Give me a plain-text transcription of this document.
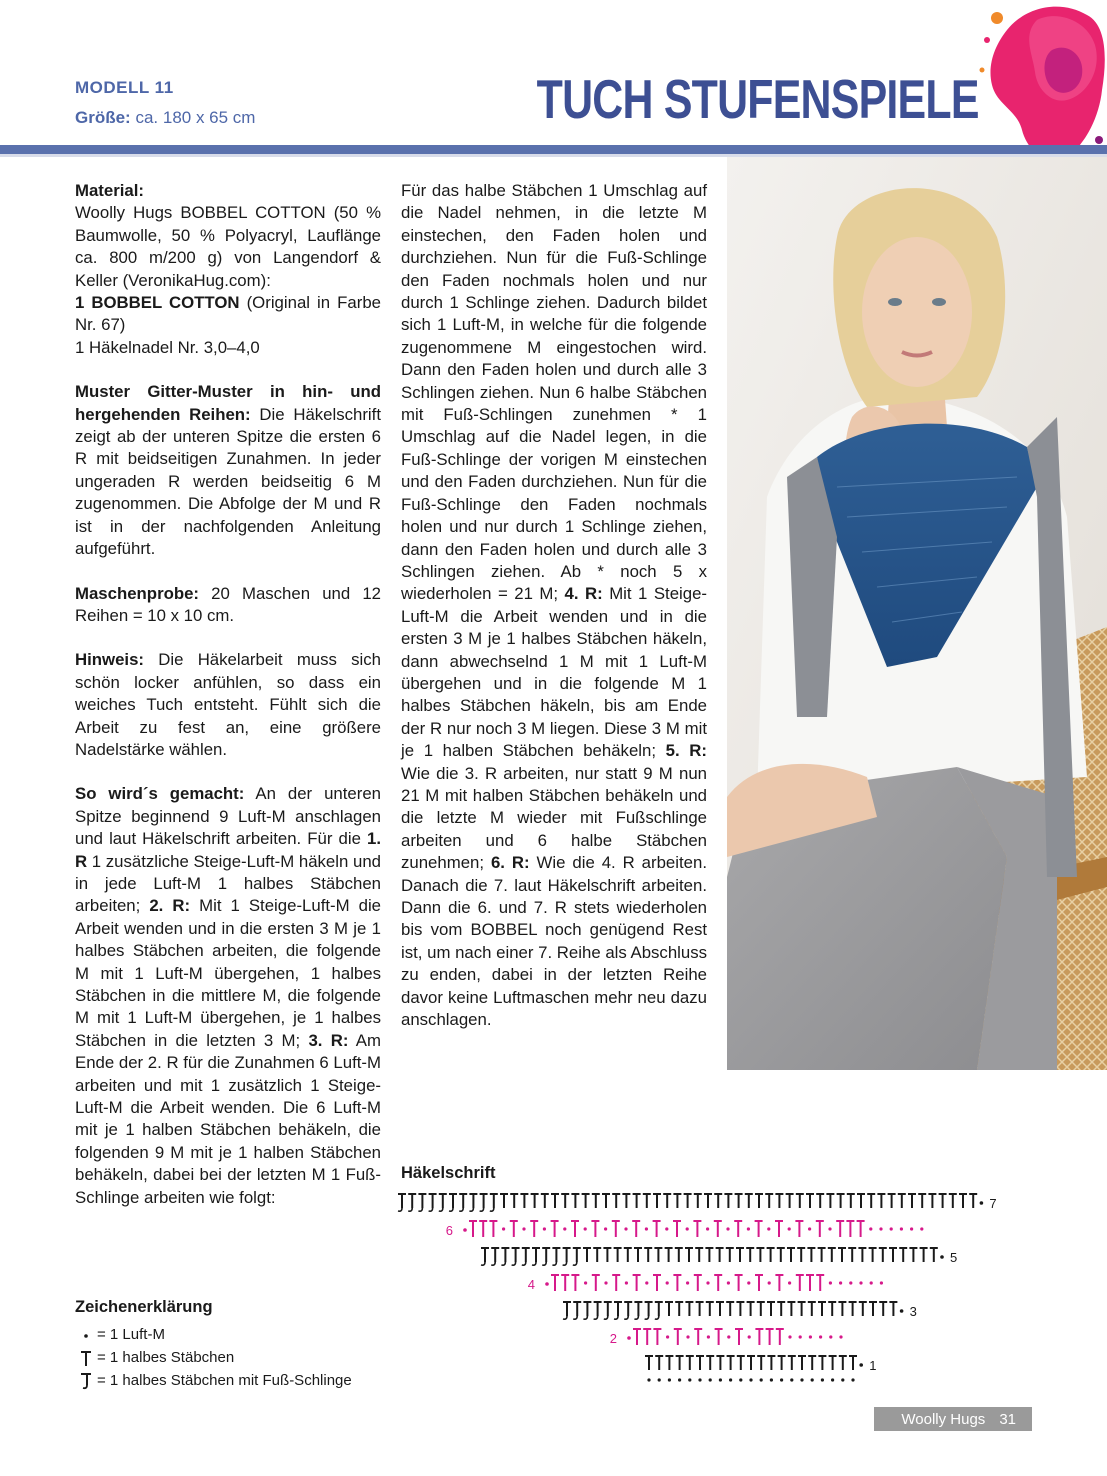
MODELL 11
Größe: ca. 180 x 65 cm	TUCH STUFENSPIELE

Material:
Woolly Hugs BOBBEL COTTON (50 % Baumwolle, 50 % Polyacryl, Lauflänge ca. 800 m/200 g) von Langendorf & Keller (VeronikaHug.com):
1 BOBBEL COTTON (Original in Farbe Nr. 67)
1 Häkelnadel Nr. 3,0–4,0

Muster Gitter-Muster in hin- und hergehenden Reihen: Die Häkelschrift zeigt ab der unteren Spitze die ersten 6 R mit beidseitigen Zunahmen. In jeder ungeraden R werden beidseitig 6 M zugenommen. Die Abfolge der M und R ist in der nachfolgenden Anleitung aufgeführt.

Maschenprobe: 20 Maschen und 12 Reihen = 10 x 10 cm.

Hinweis: Die Häkelarbeit muss sich schön locker anfühlen, so dass ein weiches Tuch entsteht. Fühlt sich die Arbeit zu fest an, eine größere Nadelstärke wählen.

So wird´s gemacht: An der unteren Spitze beginnend 9 Luft-M anschlagen und laut Häkelschrift arbeiten. Für die 1. R 1 zusätzliche Steige-Luft-M häkeln und in jede Luft-M 1 halbes Stäbchen arbeiten; 2. R: Mit 1 Steige-Luft-M die Arbeit wenden und in die ersten 3 M je 1 halbes Stäbchen arbeiten, die folgende M mit 1 Luft-M übergehen, 1 halbes Stäbchen in die mittlere M, die folgende M mit 1 Luft-M übergehen, je 1 halbes Stäbchen in die letzten 3 M; 3. R: Am Ende der 2. R für die Zunahmen 6 Luft-M arbeiten und mit 1 zusätzlich 1 Steige-Luft-M die Arbeit wenden. Die 6 Luft-M mit je 1 halben Stäbchen behäkeln, die folgenden 9 M mit je 1 halben Stäbchen behäkeln, dabei bei der letzten M 1 Fuß-Schlinge arbeiten wie folgt:

Für das halbe Stäbchen 1 Umschlag auf die Nadel nehmen, in die letzte M einstechen, den Faden holen und durchziehen. Nun für die Fuß-Schlinge den Faden nochmals holen und nur durch 1 Schlinge ziehen. Dadurch bildet sich 1 Luft-M, in welche für die folgende zugenommene M eingestochen wird. Dann den Faden holen und durch alle 3 Schlingen ziehen. Nun 6 halbe Stäbchen mit Fuß-Schlingen zunehmen * 1 Umschlag auf die Nadel legen, in die Fuß-Schlinge der vorigen M einstechen und den Faden durchziehen. Nun für die Fuß-Schlinge den Faden nochmals holen und nur durch 1 Schlinge ziehen, dann den Faden holen und durch alle 3 Schlingen ziehen. Ab * noch 5 x wiederholen = 21 M; 4. R: Mit 1 Steige-Luft-M die Arbeit wenden und in die ersten 3 M je 1 halbes Stäbchen häkeln, dann abwechselnd 1 M mit 1 Luft-M übergehen und in die folgende M 1 halbes Stäbchen häkeln, bis am Ende der R nur noch 3 M liegen. Diese 3 M mit je 1 halben Stäbchen behäkeln; 5. R: Wie die 3. R arbeiten, nur statt 9 M nun 21 M mit halben Stäbchen behäkeln und die letzte M wieder mit Fußschlinge arbeiten und 6 halbe Stäbchen zunehmen; 6. R: Wie die 4. R arbeiten. Danach die 7. laut Häkelschrift arbeiten. Dann die 6. und 7. R stets wiederholen bis vom BOBBEL noch genügend Rest ist, um nach einer 7. Reihe als Abschluss zu enden, dabei in der letzten Reihe davor keine Luftmaschen mehr neu dazu anschlagen.

Häkelschrift
7
6
5
4
3
2
1
Zeichenerklärung
= 1 Luft-M
= 1 halbes Stäbchen
= 1 halbes Stäbchen mit Fuß-Schlinge
Woolly Hugs 31
